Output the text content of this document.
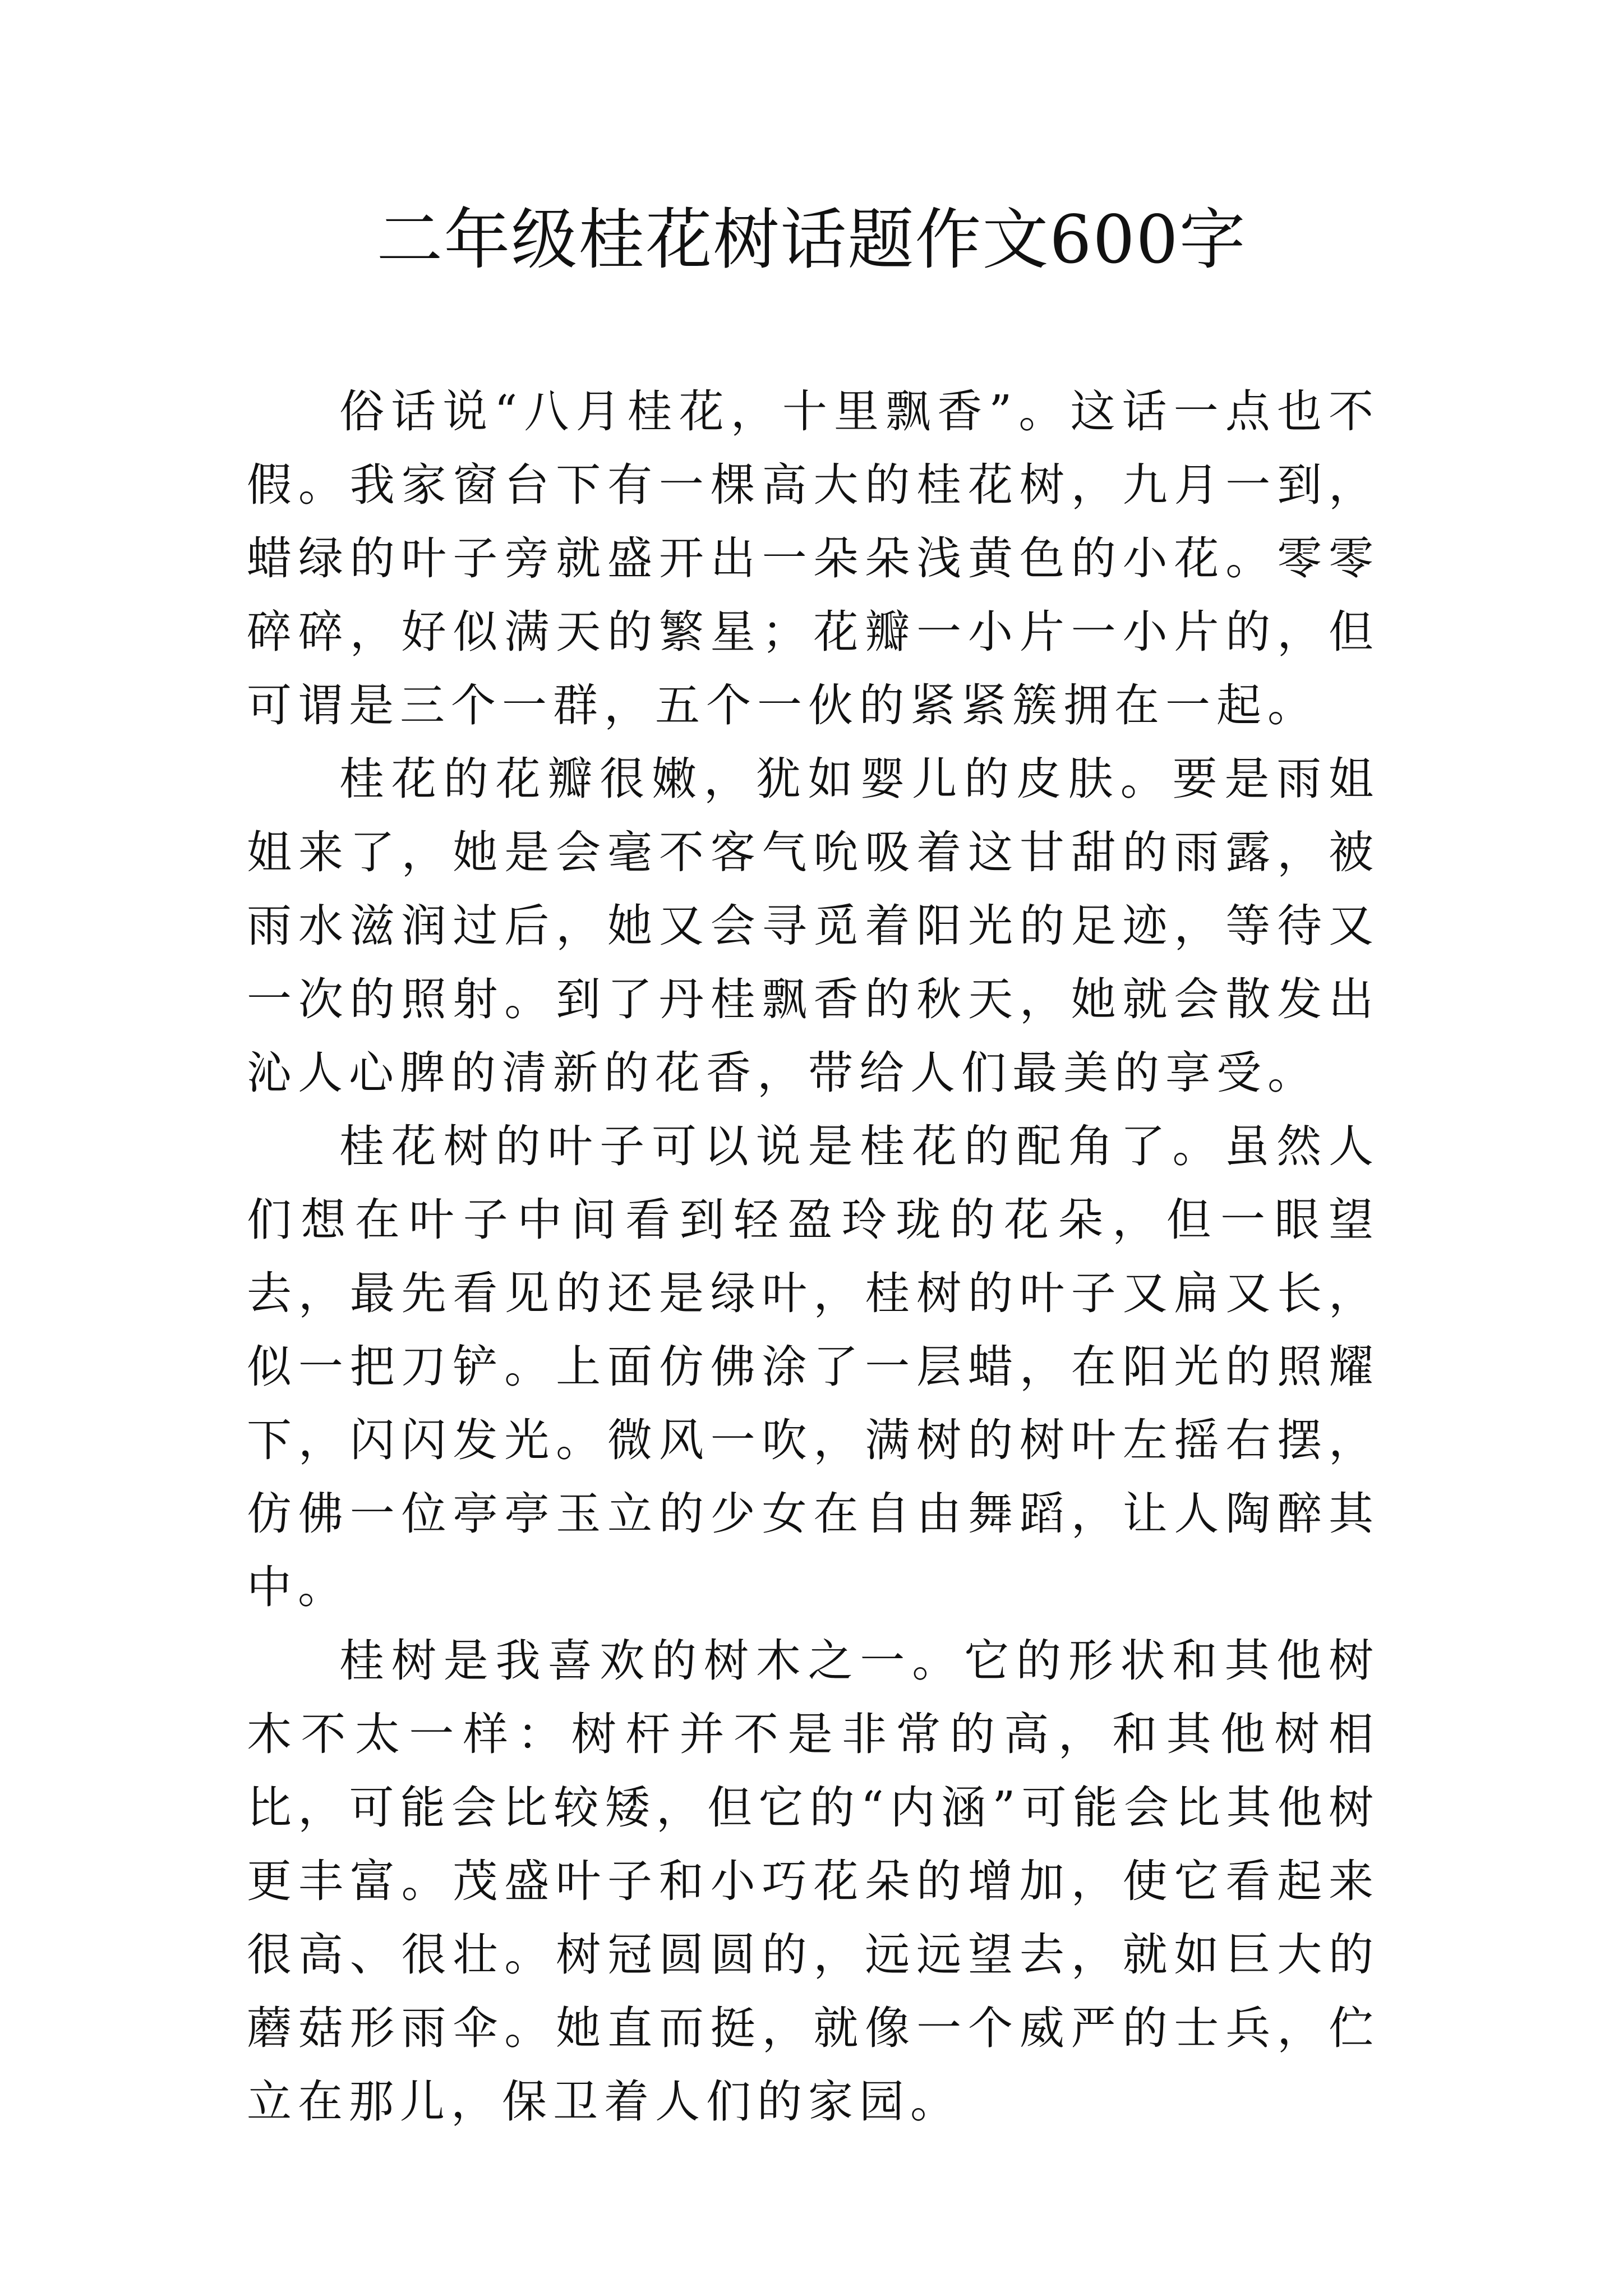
二年级桂花树话题作文600字

俗话说“八月桂花，十里飘香”。这话一点也不假。我家窗台下有一棵高大的桂花树，九月一到，蜡绿的叶子旁就盛开出一朵朵浅黄色的小花。零零碎碎，好似满天的繁星；花瓣一小片一小片的，但可谓是三个一群，五个一伙的紧紧簇拥在一起。

桂花的花瓣很嫩，犹如婴儿的皮肤。要是雨姐姐来了，她是会毫不客气吮吸着这甘甜的雨露，被雨水滋润过后，她又会寻觅着阳光的足迹，等待又一次的照射。到了丹桂飘香的秋天，她就会散发出沁人心脾的清新的花香，带给人们最美的享受。

桂花树的叶子可以说是桂花的配角了。虽然人们想在叶子中间看到轻盈玲珑的花朵，但一眼望去，最先看见的还是绿叶，桂树的叶子又扁又长，似一把刀铲。上面仿佛涂了一层蜡，在阳光的照耀下，闪闪发光。微风一吹，满树的树叶左摇右摆，仿佛一位亭亭玉立的少女在自由舞蹈，让人陶醉其中。

桂树是我喜欢的树木之一。它的形状和其他树木不太一样：树杆并不是非常的高，和其他树相比，可能会比较矮，但它的“内涵”可能会比其他树更丰富。茂盛叶子和小巧花朵的增加，使它看起来很高、很壮。树冠圆圆的，远远望去，就如巨大的蘑菇形雨伞。她直而挺，就像一个威严的士兵，伫立在那儿，保卫着人们的家园。
